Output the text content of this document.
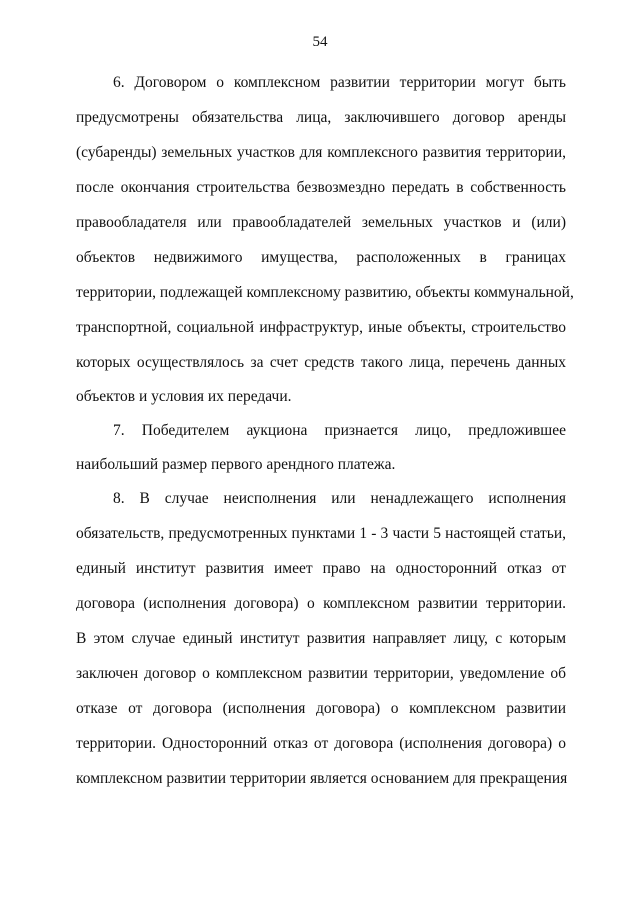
54
6. Договором о комплексном развитии территории могут быть
предусмотрены обязательства лица, заключившего договор аренды
(субаренды) земельных участков для комплексного развития территории,
после окончания строительства безвозмездно передать в собственность
правообладателя или правообладателей земельных участков и (или)
объектов недвижимого имущества, расположенных в границах
территории, подлежащей комплексному развитию, объекты коммунальной,
транспортной, социальной инфраструктур, иные объекты, строительство
которых осуществлялось за счет средств такого лица, перечень данных
объектов и условия их передачи.
7. Победителем аукциона признается лицо, предложившее
наибольший размер первого арендного платежа.
8. В случае неисполнения или ненадлежащего исполнения
обязательств, предусмотренных пунктами 1 - 3 части 5 настоящей статьи,
единый институт развития имеет право на односторонний отказ от
договора (исполнения договора) о комплексном развитии территории.
В этом случае единый институт развития направляет лицу, с которым
заключен договор о комплексном развитии территории, уведомление об
отказе от договора (исполнения договора) о комплексном развитии
территории. Односторонний отказ от договора (исполнения договора) о
комплексном развитии территории является основанием для прекращения
